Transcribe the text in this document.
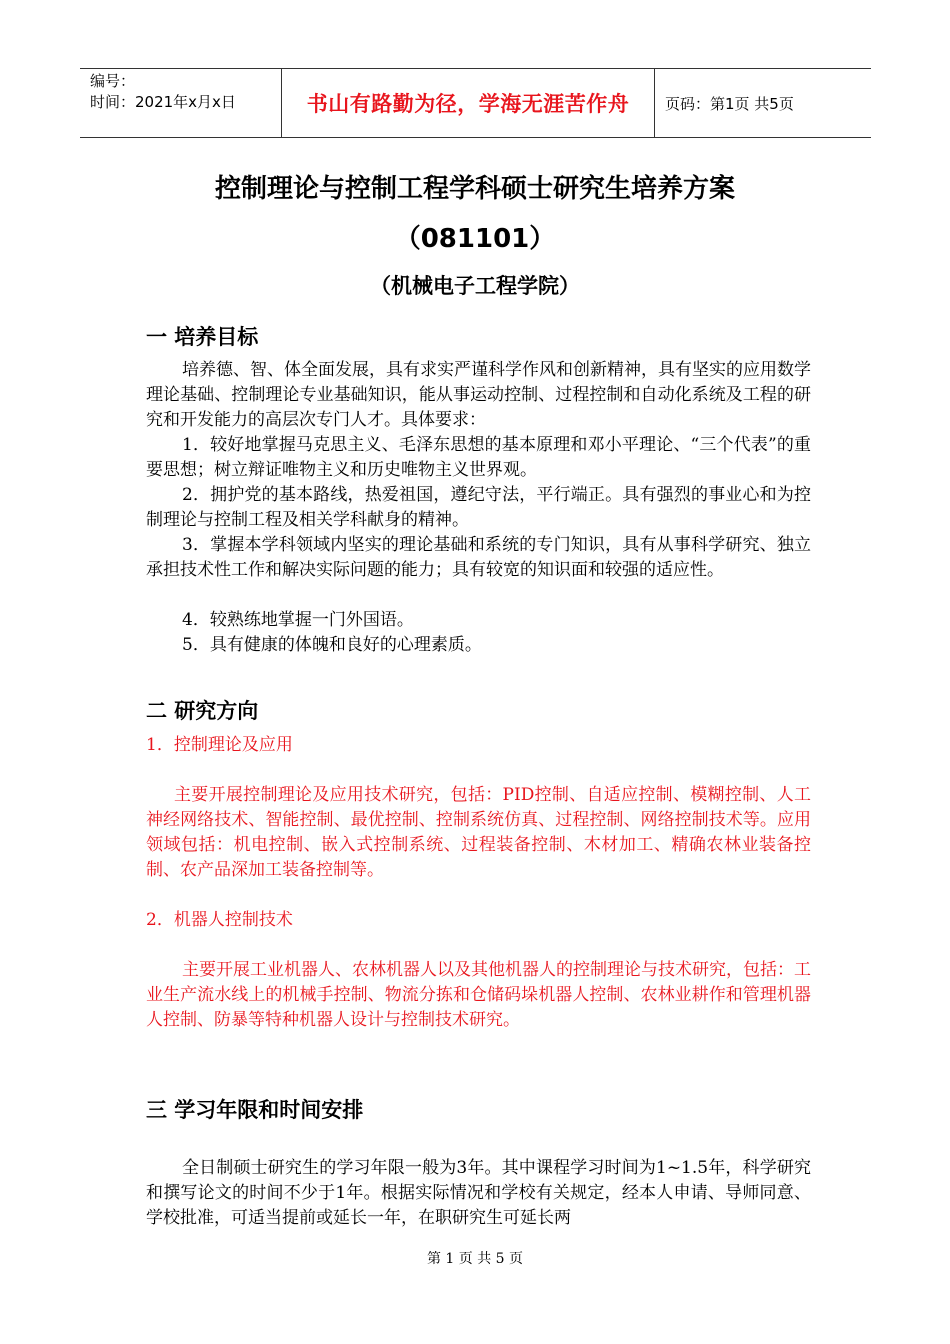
编号：
时间：2021年x月x日	书山有路勤为径，学海无涯苦作舟	页码：第1页 共5页
控制理论与控制工程学科硕士研究生培养方案
（081101）
（机械电子工程学院）
一 培养目标
培养德、智、体全面发展，具有求实严谨科学作风和创新精神，具有坚实的应用数学理论基础、控制理论专业基础知识，能从事运动控制、过程控制和自动化系统及工程的研究和开发能力的高层次专门人才。具体要求：
1．较好地掌握马克思主义、毛泽东思想的基本原理和邓小平理论、“三个代表”的重要思想；树立辩证唯物主义和历史唯物主义世界观。
2．拥护党的基本路线，热爱祖国，遵纪守法，平行端正。具有强烈的事业心和为控制理论与控制工程及相关学科献身的精神。
3．掌握本学科领域内坚实的理论基础和系统的专门知识，具有从事科学研究、独立承担技术性工作和解决实际问题的能力；具有较宽的知识面和较强的适应性。
4．较熟练地掌握一门外国语。
5．具有健康的体魄和良好的心理素质。
二 研究方向
1．控制理论及应用
主要开展控制理论及应用技术研究，包括：PID控制、自适应控制、模糊控制、人工神经网络技术、智能控制、最优控制、控制系统仿真、过程控制、网络控制技术等。应用领域包括：机电控制、嵌入式控制系统、过程装备控制、木材加工、精确农林业装备控制、农产品深加工装备控制等。
2．机器人控制技术
主要开展工业机器人、农林机器人以及其他机器人的控制理论与技术研究，包括：工业生产流水线上的机械手控制、物流分拣和仓储码垛机器人控制、农林业耕作和管理机器人控制、防暴等特种机器人设计与控制技术研究。
三 学习年限和时间安排
全日制硕士研究生的学习年限一般为3年。其中课程学习时间为1~1.5年，科学研究和撰写论文的时间不少于1年。根据实际情况和学校有关规定，经本人申请、导师同意、学校批准，可适当提前或延长一年，在职研究生可延长两
第 1 页 共 5 页
